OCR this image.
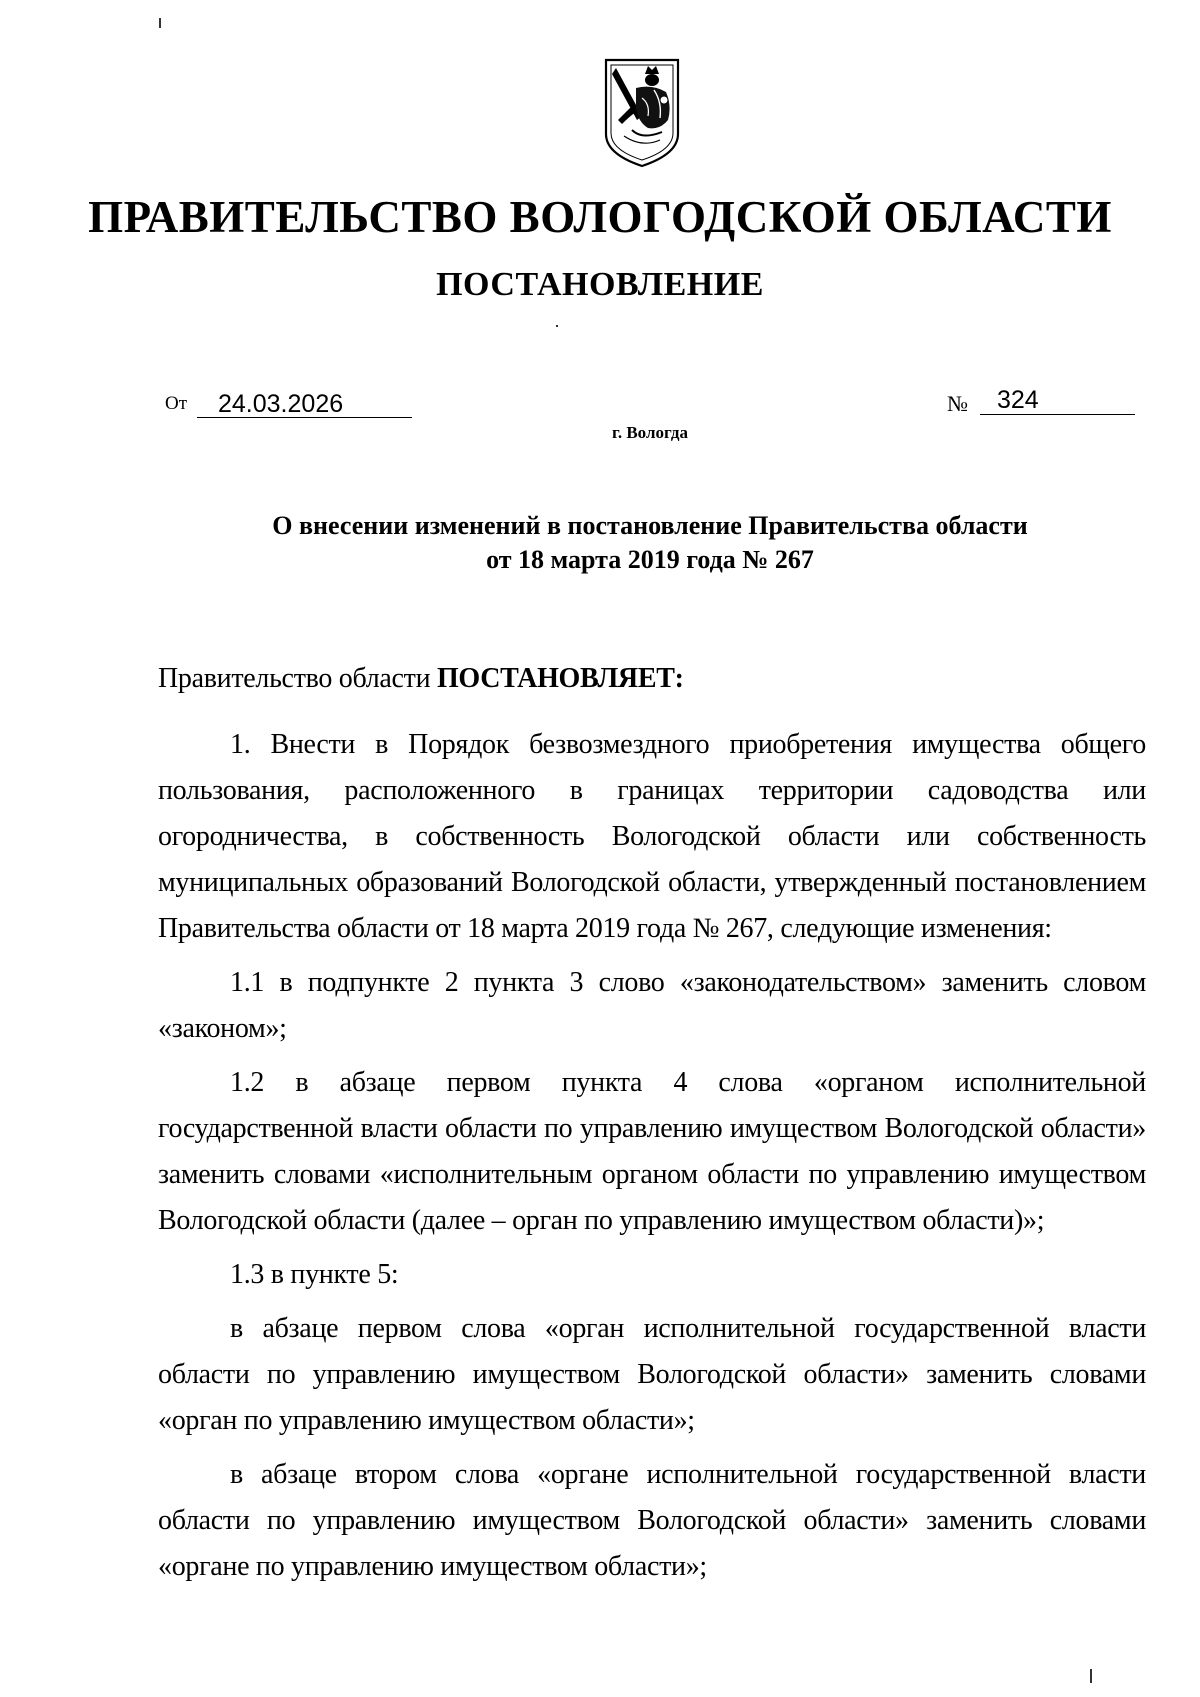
ПРАВИТЕЛЬСТВО ВОЛОГОДСКОЙ ОБЛАСТИ
ПОСТАНОВЛЕНИЕ
От 24.03.2026	№ 324
г. Вологда
О внесении изменений в постановление Правительства области
от 18 марта 2019 года № 267

Правительство области ПОСТАНОВЛЯЕТ:

1. Внести в Порядок безвозмездного приобретения имущества общего пользования, расположенного в границах территории садоводства или огородничества, в собственность Вологодской области или собственность муниципальных образований Вологодской области, утвержденный постановлением Правительства области от 18 марта 2019 года № 267, следующие изменения:

1.1 в подпункте 2 пункта 3 слово «законодательством» заменить словом «законом»;

1.2 в абзаце первом пункта 4 слова «органом исполнительной государственной власти области по управлению имуществом Вологодской области» заменить словами «исполнительным органом области по управлению имуществом Вологодской области (далее – орган по управлению имуществом области)»;

1.3 в пункте 5:

в абзаце первом слова «орган исполнительной государственной власти области по управлению имуществом Вологодской области» заменить словами «орган по управлению имуществом области»;

в абзаце втором слова «органе исполнительной государственной власти области по управлению имуществом Вологодской области» заменить словами «органе по управлению имуществом области»;
